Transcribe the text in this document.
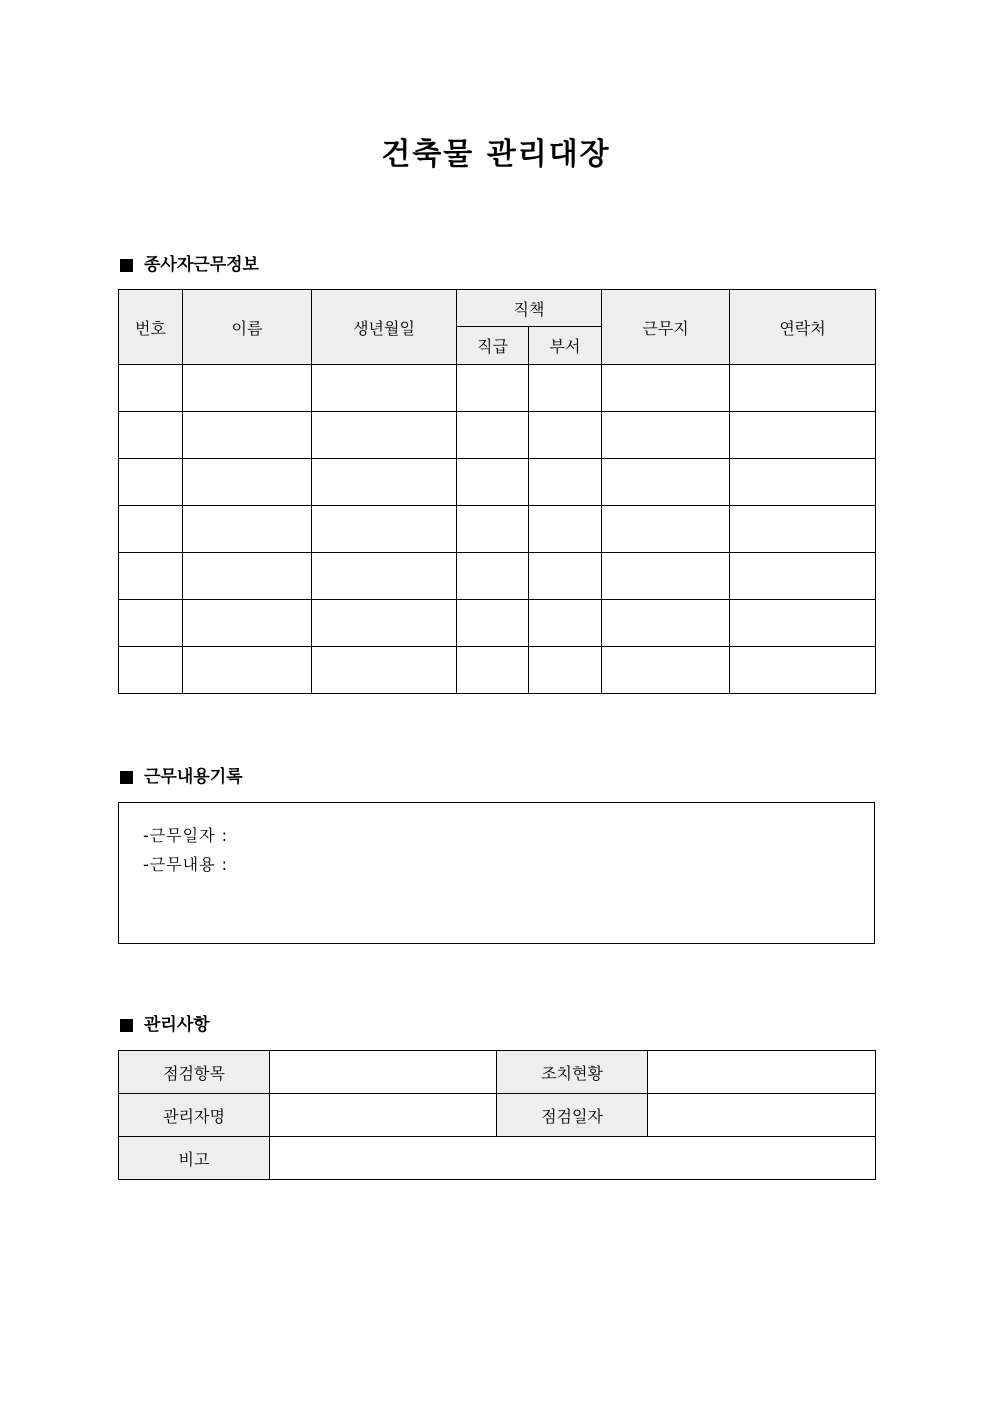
건축물 관리대장
종사자근무정보
번호	이름	생년월일	직책		근무지	연락처
			직급	부서		

근무내용기록
-근무일자 :
-근무내용 :
관리사항
점검항목		조치현황	
관리자명		점검일자	
비고			
